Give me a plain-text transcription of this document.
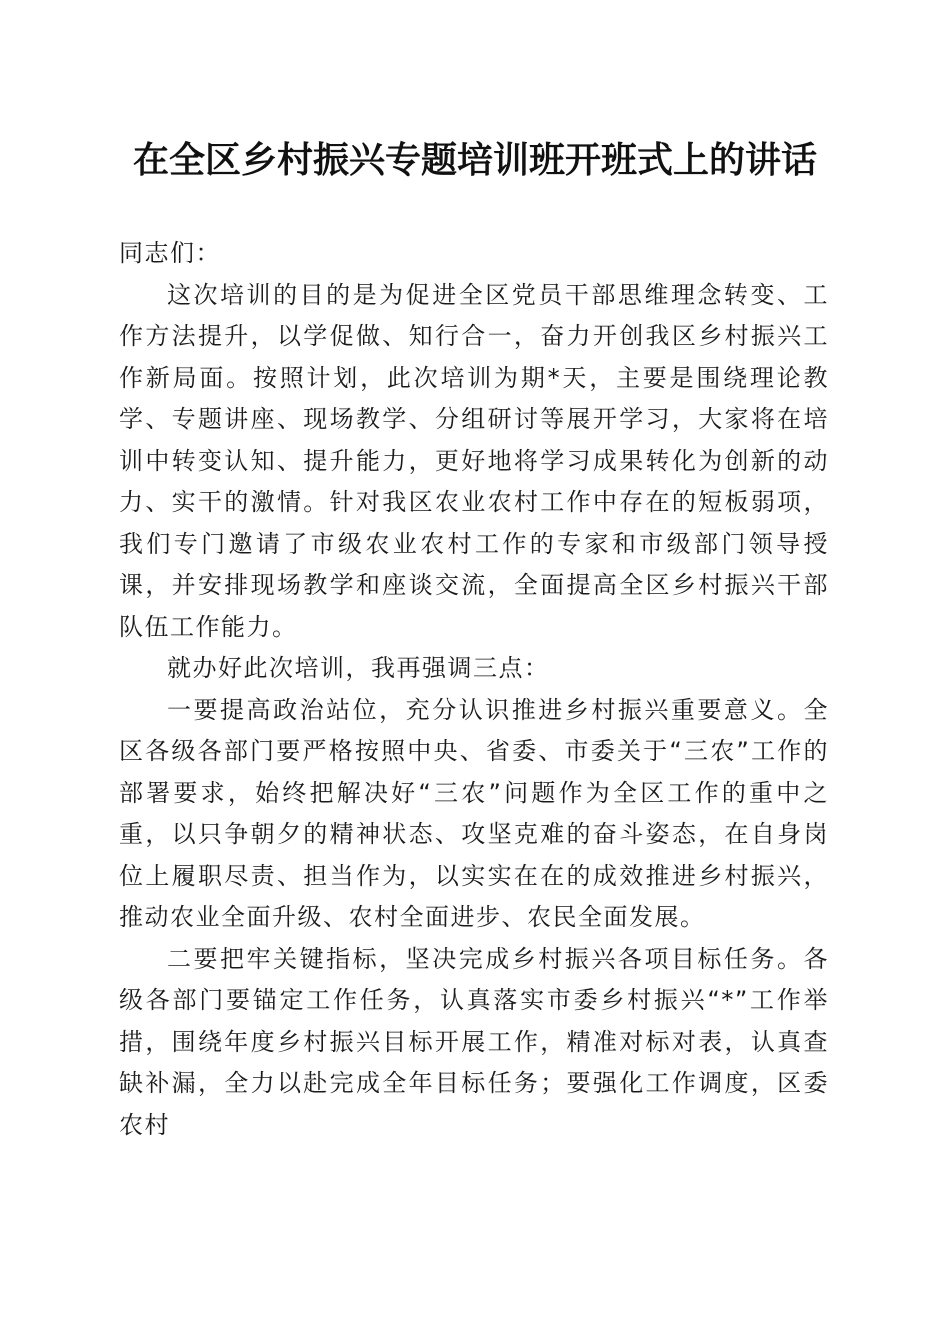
在全区乡村振兴专题培训班开班式上的讲话

同志们：

这次培训的目的是为促进全区党员干部思维理念转变、工作方法提升，以学促做、知行合一，奋力开创我区乡村振兴工作新局面。按照计划，此次培训为期*天，主要是围绕理论教学、专题讲座、现场教学、分组研讨等展开学习，大家将在培训中转变认知、提升能力，更好地将学习成果转化为创新的动力、实干的激情。针对我区农业农村工作中存在的短板弱项，我们专门邀请了市级农业农村工作的专家和市级部门领导授课，并安排现场教学和座谈交流，全面提高全区乡村振兴干部队伍工作能力。

就办好此次培训，我再强调三点：

一要提高政治站位，充分认识推进乡村振兴重要意义。全区各级各部门要严格按照中央、省委、市委关于“三农”工作的部署要求，始终把解决好“三农”问题作为全区工作的重中之重，以只争朝夕的精神状态、攻坚克难的奋斗姿态，在自身岗位上履职尽责、担当作为，以实实在在的成效推进乡村振兴，推动农业全面升级、农村全面进步、农民全面发展。

二要把牢关键指标，坚决完成乡村振兴各项目标任务。各级各部门要锚定工作任务，认真落实市委乡村振兴“*”工作举措，围绕年度乡村振兴目标开展工作，精准对标对表，认真查缺补漏，全力以赴完成全年目标任务；要强化工作调度，区委农村
